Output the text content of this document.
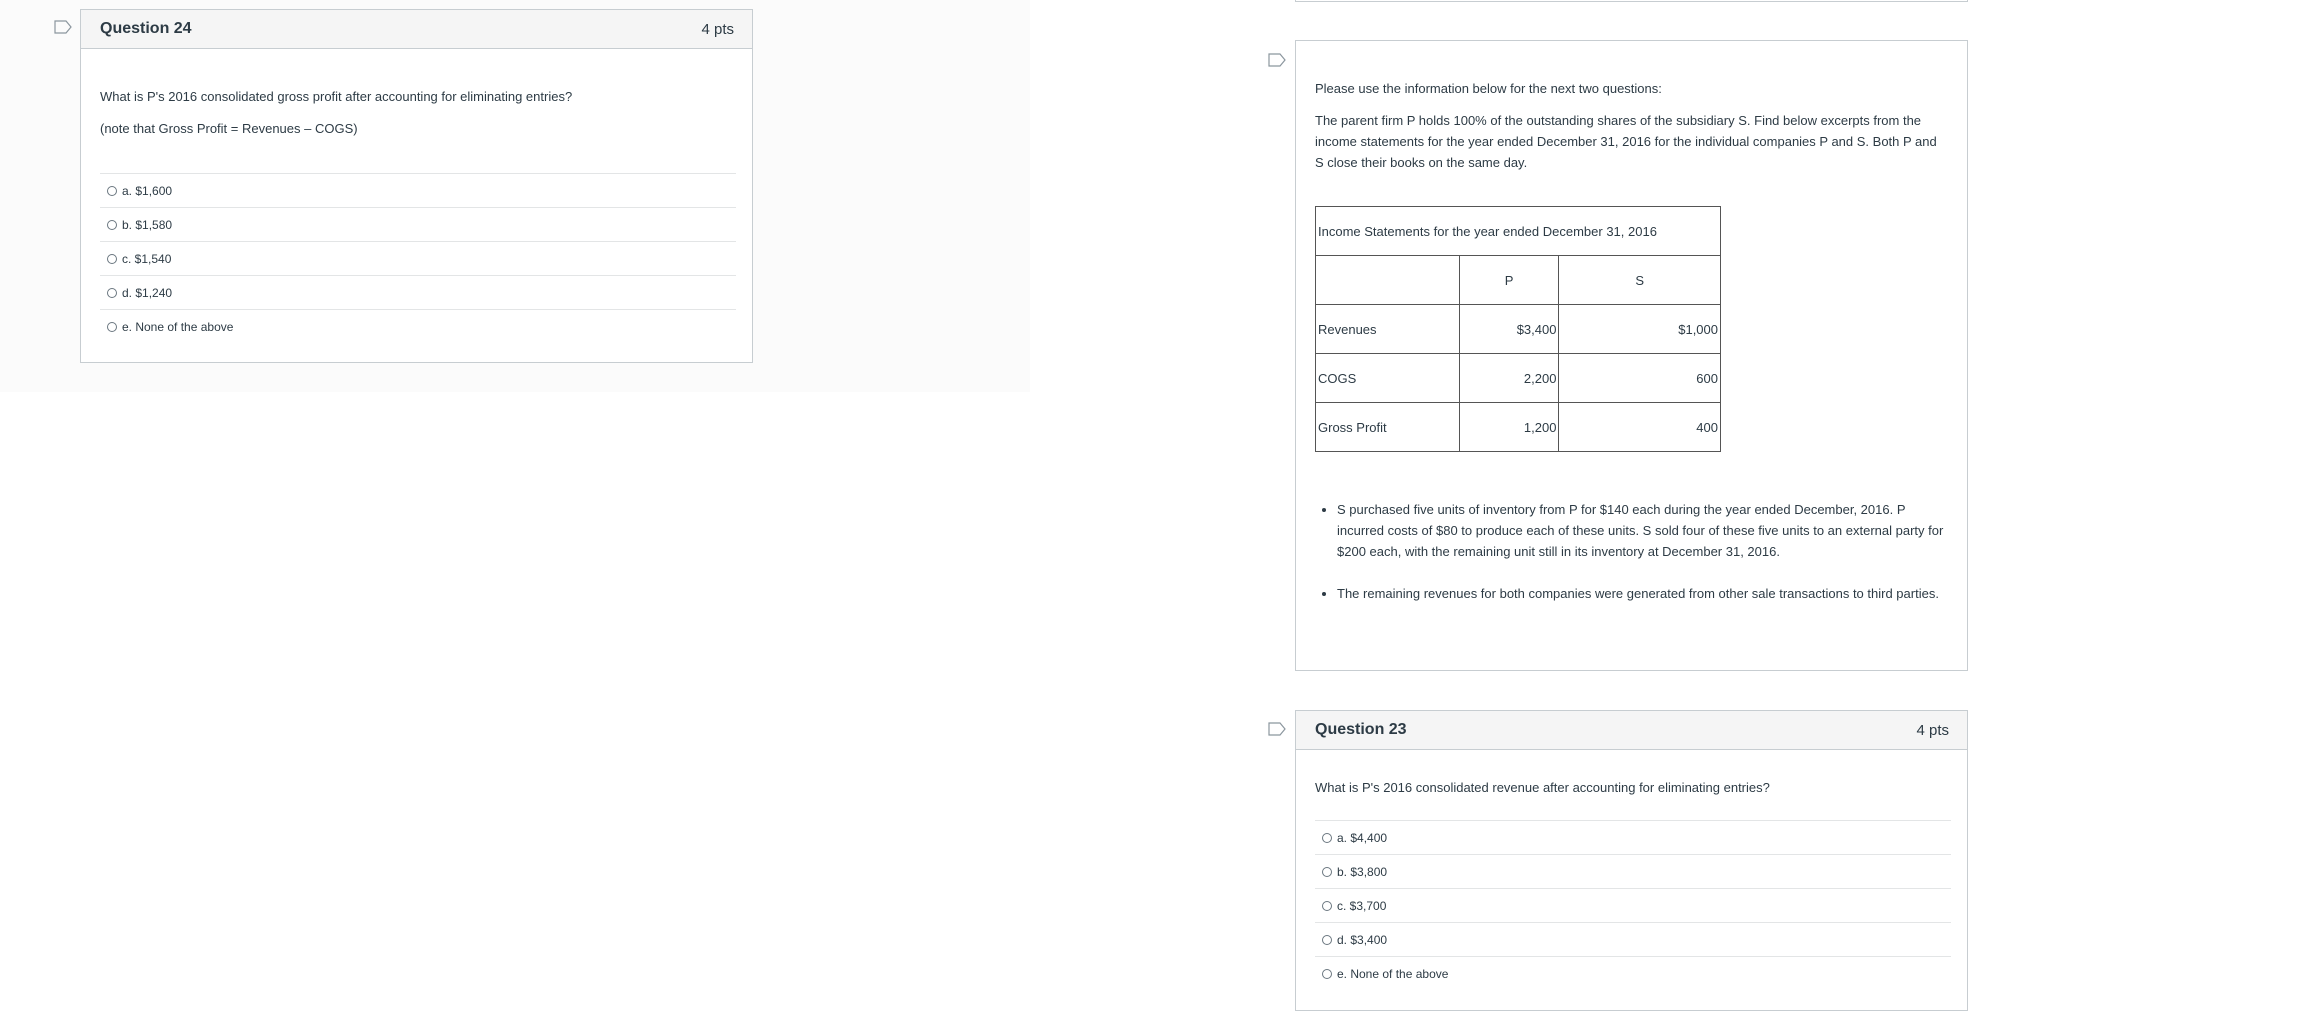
Question 24	4 pts
What is P's 2016 consolidated gross profit after accounting for eliminating entries?
(note that Gross Profit = Revenues – COGS)
a. $1,600
b. $1,580
c. $1,540
d. $1,240
e. None of the above
Please use the information below for the next two questions:
The parent firm P holds 100% of the outstanding shares of the subsidiary S. Find below excerpts from the income statements for the year ended December 31, 2016 for the individual companies P and S. Both P and S close their books on the same day.
Income Statements for the year ended December 31, 2016		
	P	S
Revenues	$3,400	$1,000
COGS	2,200	600
Gross Profit	1,200	400
• S purchased five units of inventory from P for $140 each during the year ended December, 2016. P incurred costs of $80 to produce each of these units. S sold four of these five units to an external party for $200 each, with the remaining unit still in its inventory at December 31, 2016.
• The remaining revenues for both companies were generated from other sale transactions to third parties.
Question 23	4 pts
What is P's 2016 consolidated revenue after accounting for eliminating entries?
a. $4,400
b. $3,800
c. $3,700
d. $3,400
e. None of the above
